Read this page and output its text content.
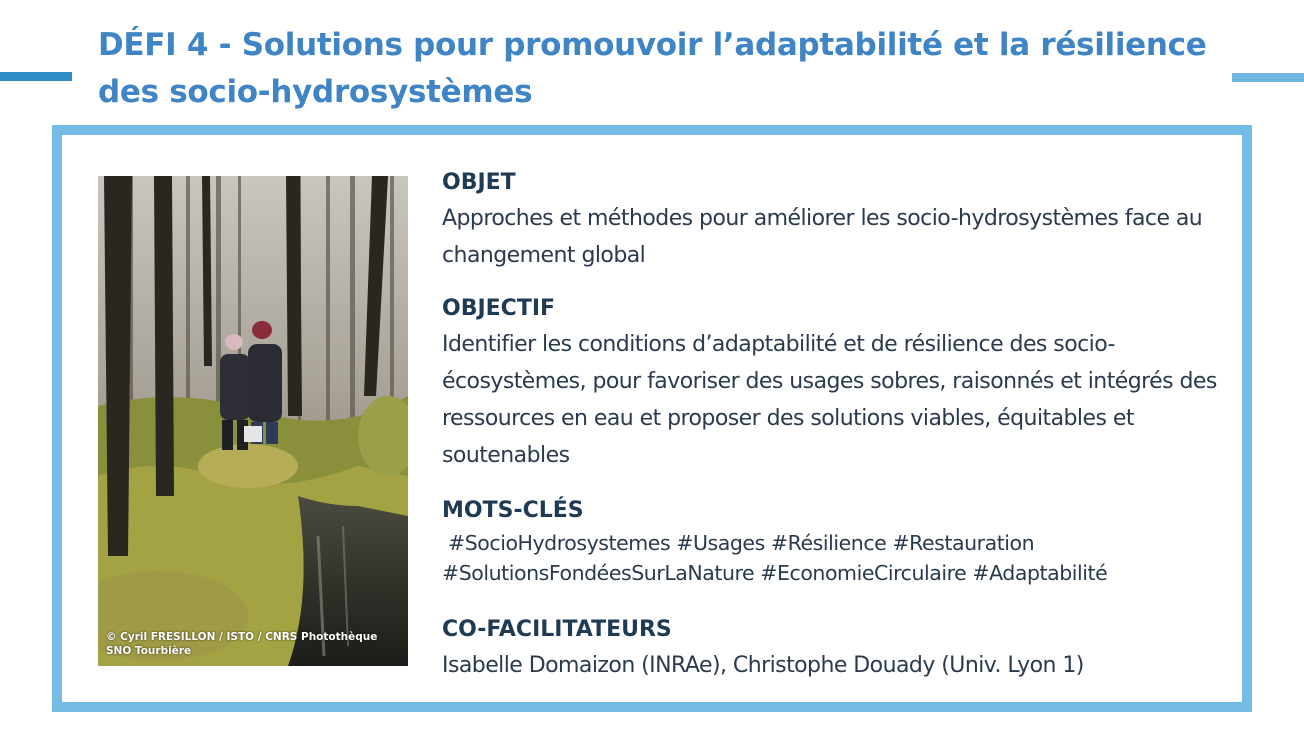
DÉFI 4 - Solutions pour promouvoir l’adaptabilité et la résilience des socio-hydrosystèmes
© Cyril FRESILLON / ISTO / CNRS Photothèque
SNO Tourbière
OBJET
Approches et méthodes pour améliorer les socio-hydrosystèmes face au changement global
OBJECTIF
Identifier les conditions d’adaptabilité et de résilience des socio-écosystèmes, pour favoriser des usages sobres, raisonnés et intégrés des ressources en eau et proposer des solutions viables, équitables et soutenables
MOTS-CLÉS
#SocioHydrosystemes #Usages #Résilience #Restauration
#SolutionsFondéesSurLaNature #EconomieCirculaire #Adaptabilité
CO-FACILITATEURS
Isabelle Domaizon (INRAe), Christophe Douady (Univ. Lyon 1)
